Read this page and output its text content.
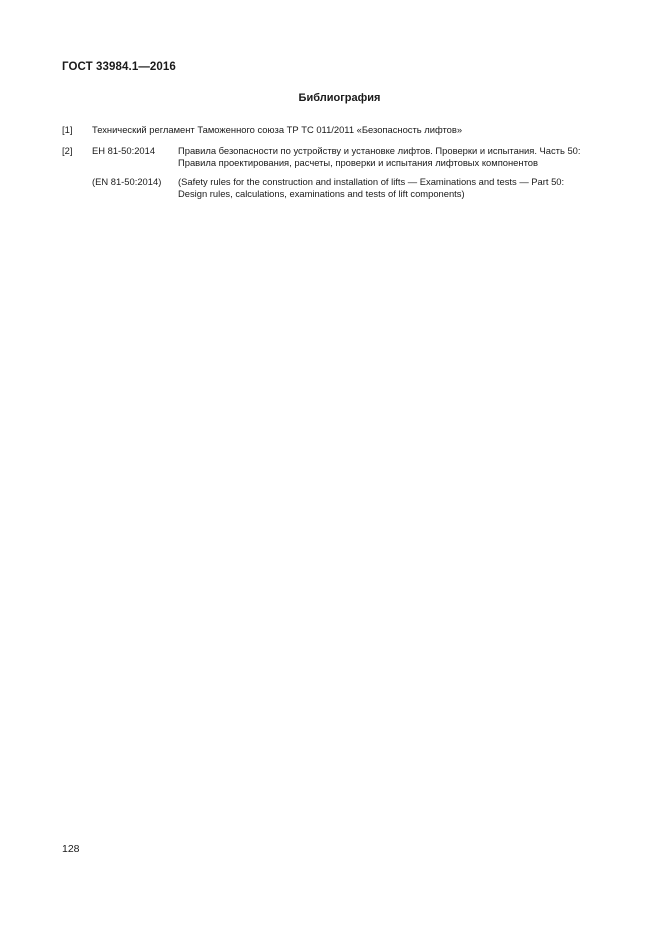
ГОСТ 33984.1—2016
Библиография
[1] Технический регламент Таможенного союза ТР ТС 011/2011 «Безопасность лифтов»
[2] ЕН 81-50:2014 Правила безопасности по устройству и установке лифтов. Проверки и испытания. Часть 50:
Правила проектирования, расчеты, проверки и испытания лифтовых компонентов
(EN 81-50:2014) (Safety rules for the construction and installation of lifts — Examinations and tests — Part 50:
Design rules, calculations, examinations and tests of lift components)
128
